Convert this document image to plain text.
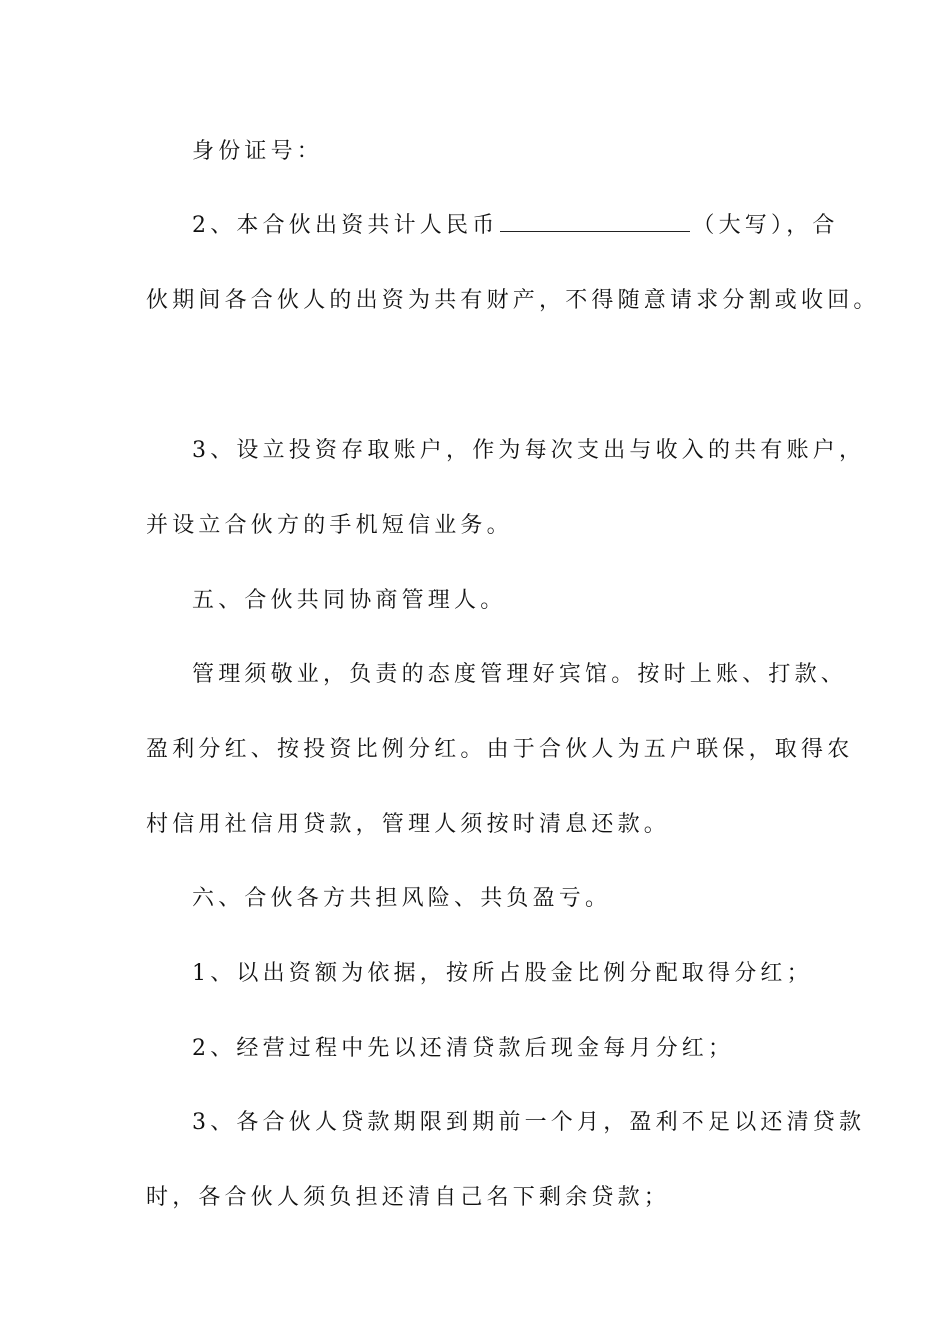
身份证号：
2、本合伙出资共计人民币	（大写），合
伙期间各合伙人的出资为共有财产，不得随意请求分割或收回。
3、设立投资存取账户，作为每次支出与收入的共有账户，
并设立合伙方的手机短信业务。
五、合伙共同协商管理人。
管理须敬业，负责的态度管理好宾馆。按时上账、打款、
盈利分红、按投资比例分红。由于合伙人为五户联保，取得农
村信用社信用贷款，管理人须按时清息还款。
六、合伙各方共担风险、共负盈亏。
1、以出资额为依据，按所占股金比例分配取得分红；
2、经营过程中先以还清贷款后现金每月分红；
3、各合伙人贷款期限到期前一个月，盈利不足以还清贷款
时，各合伙人须负担还清自己名下剩余贷款；
